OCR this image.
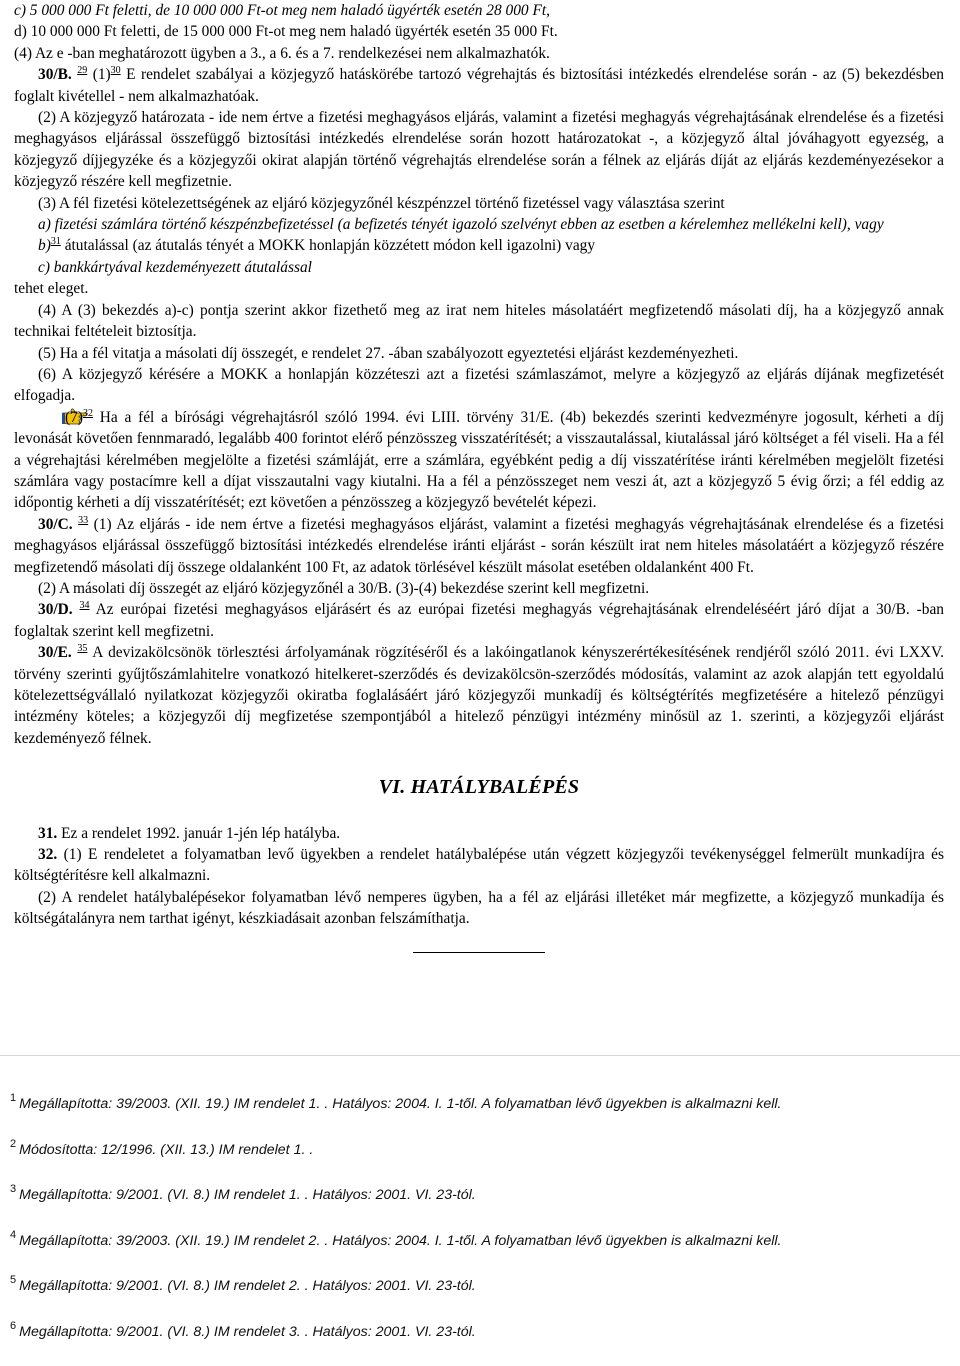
c) 5 000 000 Ft feletti, de 10 000 000 Ft-ot meg nem haladó ügyérték esetén 28 000 Ft,

d) 10 000 000 Ft feletti, de 15 000 000 Ft-ot meg nem haladó ügyérték esetén 35 000 Ft.

(4) Az e -ban meghatározott ügyben a 3., a 6. és a 7. rendelkezései nem alkalmazhatók.

30/B. $^{29}$ $(1)^{30}$ E rendelet szabályai a közjegyző hatáskörébe tartozó végrehajtás és biztosítási intézkedés elrendelése során - az (5) bekezdésben foglalt kivétellel - nem alkalmazhatóak.

(2) A közjegyző határozata - ide nem értve a fizetési meghagyásos eljárás, valamint a fizetési meghagyás végrehajtásának elrendelése és a fizetési meghagyásos eljárással összefüggő biztosítási intézkedés elrendelése során hozott határozatokat -, a közjegyző által jóváhagyott egyezség, a közjegyző díjjegyzéke és a közjegyzői okirat alapján történő végrehajtás elrendelése során a félnek az eljárás díját az eljárás kezdeményezésekor a közjegyző részére kell megfizetnie.

(3) A fél fizetési kötelezettségének az eljáró közjegyzőnél készpénzzel történő fizetéssel vagy választása szerint

a) fizetési számlára történő készpénzbefizetéssel (a befizetés tényét igazoló szelvényt ebben az esetben a kérelemhez mellékelni kell), vagy

b)$^{31}$ átutalással (az átutalás tényét a MOKK honlapján közzétett módon kell igazolni) vagy

c) bankkártyával kezdeményezett átutalással

tehet eleget.

(4) A (3) bekezdés a)-c) pontja szerint akkor fizethető meg az irat nem hiteles másolatáért megfizetendő másolati díj, ha a közjegyző annak technikai feltételeit biztosítja.

(5) Ha a fél vitatja a másolati díj összegét, e rendelet 27. -ában szabályozott egyeztetési eljárást kezdeményezheti.

(6) A közjegyző kérésére a MOKK a honlapján közzéteszi azt a fizetési számlaszámot, melyre a közjegyző az eljárás díjának megfizetését elfogadja.

$(7)^{32}$ Ha a fél a bírósági végrehajtásról szóló 1994. évi LIII. törvény 31/E. (4b) bekezdés szerinti kedvezményre jogosult, kérheti a díj levonását követően fennmaradó, legalább 400 forintot elérő pénzösszeg visszatérítését; a visszautalással, kiutalással járó költséget a fél viseli. Ha a fél a végrehajtási kérelmében megjelölte a fizetési számláját, erre a számlára, egyébként pedig a díj visszatérítése iránti kérelmében megjelölt fizetési számlára vagy postacímre kell a díjat visszautalni vagy kiutalni. Ha a fél a pénzösszeget nem veszi át, azt a közjegyző 5 évig őrzi; a fél eddig az időpontig kérheti a díj visszatérítését; ezt követően a pénzösszeg a közjegyző bevételét képezi.

30/C. $^{33}$ (1) Az eljárás - ide nem értve a fizetési meghagyásos eljárást, valamint a fizetési meghagyás végrehajtásának elrendelése és a fizetési meghagyásos eljárással összefüggő biztosítási intézkedés elrendelése iránti eljárást - során készült irat nem hiteles másolatáért a közjegyző részére megfizetendő másolati díj összege oldalanként 100 Ft, az adatok törlésével készült másolat esetében oldalanként 400 Ft.

(2) A másolati díj összegét az eljáró közjegyzőnél a 30/B. (3)-(4) bekezdése szerint kell megfizetni.

30/D. $^{34}$ Az európai fizetési meghagyásos eljárásért és az európai fizetési meghagyás végrehajtásának elrendeléséért járó díjat a 30/B. -ban foglaltak szerint kell megfizetni.

30/E. $^{35}$ A devizakölcsönök törlesztési árfolyamának rögzítéséről és a lakóingatlanok kényszerértékesítésének rendjéről szóló 2011. évi LXXV. törvény szerinti gyűjtőszámlahitelre vonatkozó hitelkeret-szerződés és devizakölcsön-szerződés módosítás, valamint az azok alapján tett egyoldalú kötelezettségvállaló nyilatkozat közjegyzői okiratba foglalásáért járó közjegyzői munkadíj és költségtérítés megfizetésére a hitelező pénzügyi intézmény köteles; a közjegyzői díj megfizetése szempontjából a hitelező pénzügyi intézmény minősül az 1. szerinti, a közjegyzői eljárást kezdeményező félnek.

VI. HATÁLYBALÉPÉS

31. Ez a rendelet 1992. január 1-jén lép hatályba.

32. (1) E rendeletet a folyamatban levő ügyekben a rendelet hatálybalépése után végzett közjegyzői tevékenységgel felmerült munkadíjra és költségtérítésre kell alkalmazni.

(2) A rendelet hatálybalépésekor folyamatban lévő nemperes ügyben, ha a fél az eljárási illetéket már megfizette, a közjegyző munkadíja és költségátalányra nem tarthat igényt, készkiadásait azonban felszámíthatja.

$^1$ Megállapította: 39/2003. (XII. 19.) IM rendelet 1. . Hatályos: 2004. I. 1-től. A folyamatban lévő ügyekben is alkalmazni kell.
$^2$ Módosította: 12/1996. (XII. 13.) IM rendelet 1. .
$^3$ Megállapította: 9/2001. (VI. 8.) IM rendelet 1. . Hatályos: 2001. VI. 23-tól.
$^4$ Megállapította: 39/2003. (XII. 19.) IM rendelet 2. . Hatályos: 2004. I. 1-től. A folyamatban lévő ügyekben is alkalmazni kell.
$^5$ Megállapította: 9/2001. (VI. 8.) IM rendelet 2. . Hatályos: 2001. VI. 23-tól.
$^6$ Megállapította: 9/2001. (VI. 8.) IM rendelet 3. . Hatályos: 2001. VI. 23-tól.
